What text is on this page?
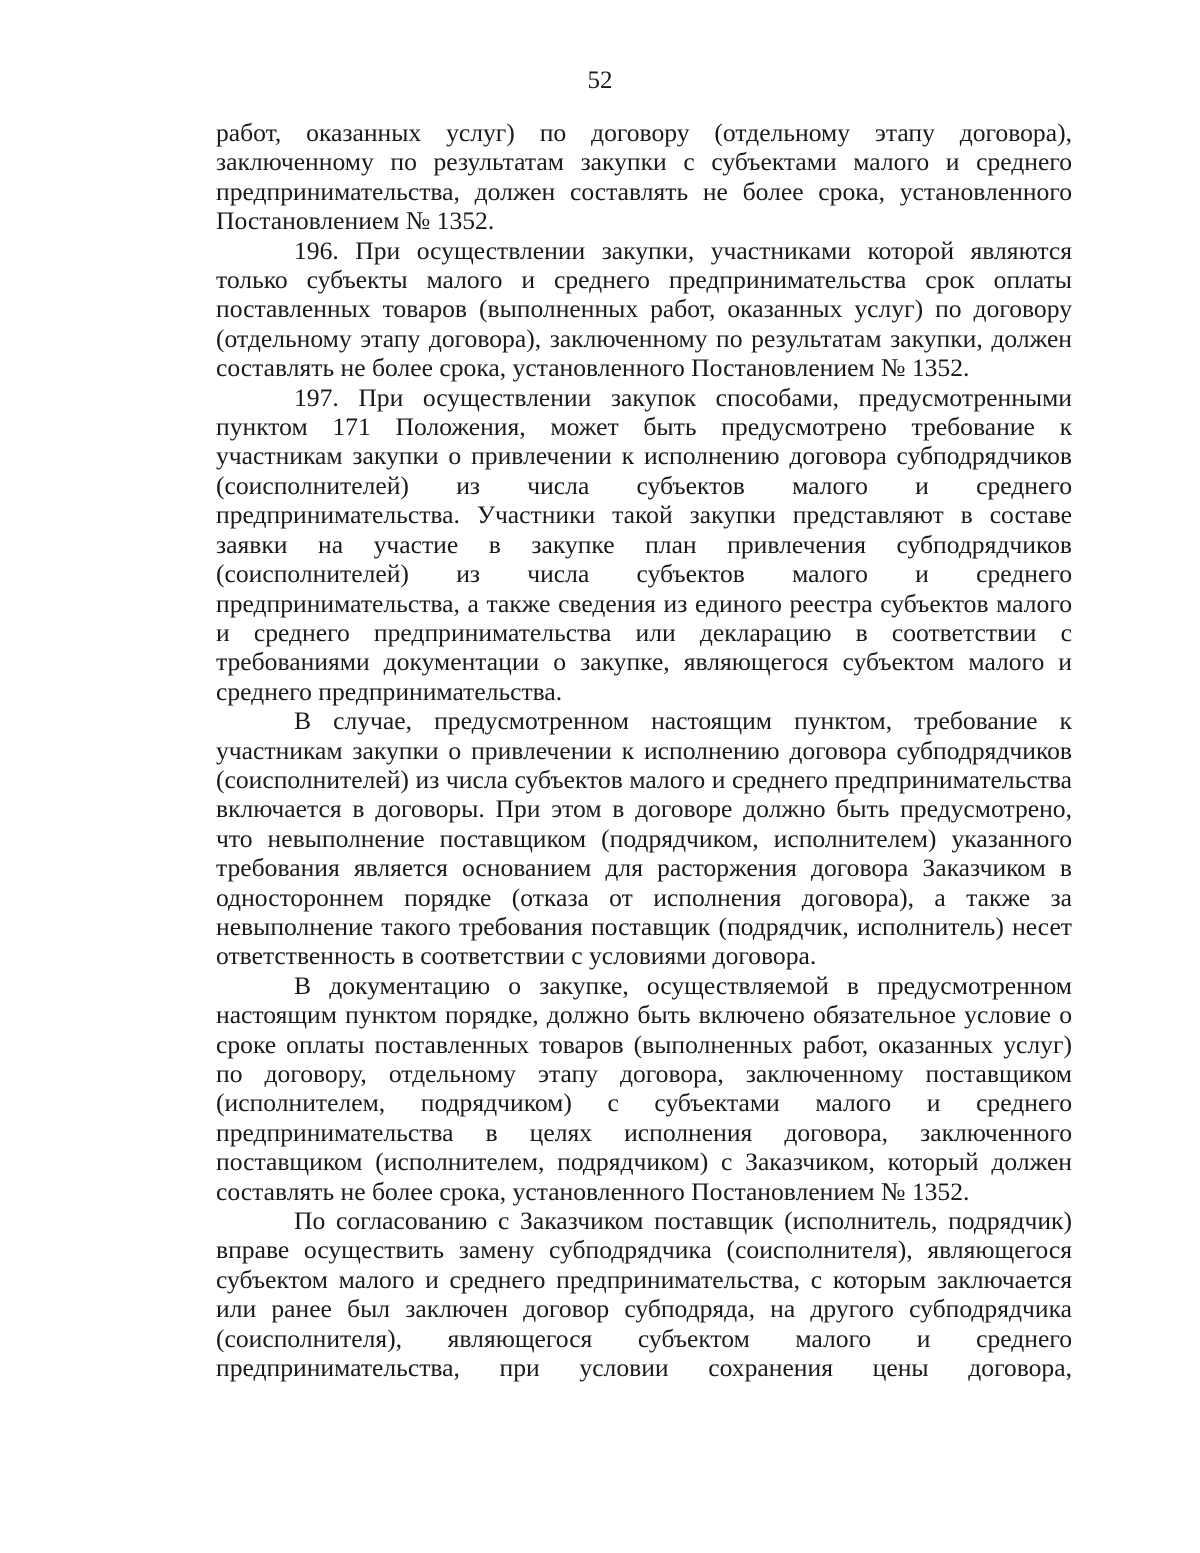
52

работ, оказанных услуг) по договору (отдельному этапу договора), заключенному по результатам закупки с субъектами малого и среднего предпринимательства, должен составлять не более срока, установленного Постановлением № 1352.

196. При осуществлении закупки, участниками которой являются только субъекты малого и среднего предпринимательства срок оплаты поставленных товаров (выполненных работ, оказанных услуг) по договору (отдельному этапу договора), заключенному по результатам закупки, должен составлять не более срока, установленного Постановлением № 1352.

197. При осуществлении закупок способами, предусмотренными пунктом 171 Положения, может быть предусмотрено требование к участникам закупки о привлечении к исполнению договора субподрядчиков (соисполнителей) из числа субъектов малого и среднего предпринимательства. Участники такой закупки представляют в составе заявки на участие в закупке план привлечения субподрядчиков (соисполнителей) из числа субъектов малого и среднего предпринимательства, а также сведения из единого реестра субъектов малого и среднего предпринимательства или декларацию в соответствии с требованиями документации о закупке, являющегося субъектом малого и среднего предпринимательства.

В случае, предусмотренном настоящим пунктом, требование к участникам закупки о привлечении к исполнению договора субподрядчиков (соисполнителей) из числа субъектов малого и среднего предпринимательства включается в договоры. При этом в договоре должно быть предусмотрено, что невыполнение поставщиком (подрядчиком, исполнителем) указанного требования является основанием для расторжения договора Заказчиком в одностороннем порядке (отказа от исполнения договора), а также за невыполнение такого требования поставщик (подрядчик, исполнитель) несет ответственность в соответствии с условиями договора.

В документацию о закупке, осуществляемой в предусмотренном настоящим пунктом порядке, должно быть включено обязательное условие о сроке оплаты поставленных товаров (выполненных работ, оказанных услуг) по договору, отдельному этапу договора, заключенному поставщиком (исполнителем, подрядчиком) с субъектами малого и среднего предпринимательства в целях исполнения договора, заключенного поставщиком (исполнителем, подрядчиком) с Заказчиком, который должен составлять не более срока, установленного Постановлением № 1352.

По согласованию с Заказчиком поставщик (исполнитель, подрядчик) вправе осуществить замену субподрядчика (соисполнителя), являющегося субъектом малого и среднего предпринимательства, с которым заключается или ранее был заключен договор субподряда, на другого субподрядчика (соисполнителя), являющегося субъектом малого и среднего предпринимательства, при условии сохранения цены договора,
